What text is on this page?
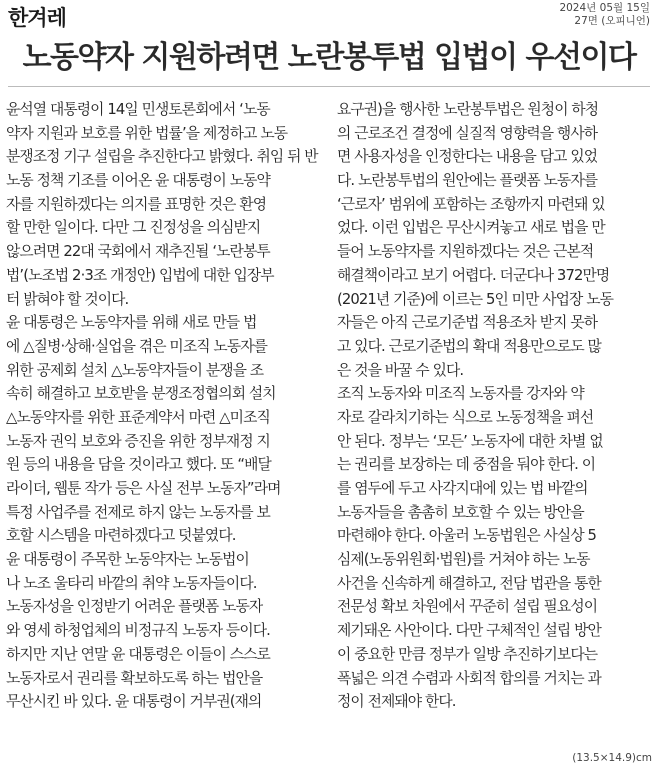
한겨레	2024년 05월 15일
27면 (오피니언)
노동약자 지원하려면 노란봉투법 입법이 우선이다
윤석열 대통령이 14일 민생토론회에서 ‘노동
약자 지원과 보호를 위한 법률’을 제정하고 노동
분쟁조정 기구 설립을 추진한다고 밝혔다. 취임 뒤 반
노동 정책 기조를 이어온 윤 대통령이 노동약
자를 지원하겠다는 의지를 표명한 것은 환영
할 만한 일이다. 다만 그 진정성을 의심받지
않으려면 22대 국회에서 재추진될 ‘노란봉투
법’(노조법 2·3조 개정안) 입법에 대한 입장부
터 밝혀야 할 것이다.
윤 대통령은 노동약자를 위해 새로 만들 법
에 △질병·상해·실업을 겪은 미조직 노동자를
위한 공제회 설치 △노동약자들이 분쟁을 조
속히 해결하고 보호받을 분쟁조정협의회 설치
△노동약자를 위한 표준계약서 마련 △미조직
노동자 권익 보호와 증진을 위한 정부재정 지
원 등의 내용을 담을 것이라고 했다. 또 “배달
라이더, 웹툰 작가 등은 사실 전부 노동자”라며
특정 사업주를 전제로 하지 않는 노동자를 보
호할 시스템을 마련하겠다고 덧붙였다.
윤 대통령이 주목한 노동약자는 노동법이
나 노조 울타리 바깥의 취약 노동자들이다.
노동자성을 인정받기 어려운 플랫폼 노동자
와 영세 하청업체의 비정규직 노동자 등이다.
하지만 지난 연말 윤 대통령은 이들이 스스로
노동자로서 권리를 확보하도록 하는 법안을
무산시킨 바 있다. 윤 대통령이 거부권(재의
요구권)을 행사한 노란봉투법은 원청이 하청
의 근로조건 결정에 실질적 영향력을 행사하
면 사용자성을 인정한다는 내용을 담고 있었
다. 노란봉투법의 원안에는 플랫폼 노동자를
‘근로자’ 범위에 포함하는 조항까지 마련돼 있
었다. 이런 입법은 무산시켜놓고 새로 법을 만
들어 노동약자를 지원하겠다는 것은 근본적
해결책이라고 보기 어렵다. 더군다나 372만명
(2021년 기준)에 이르는 5인 미만 사업장 노동
자들은 아직 근로기준법 적용조차 받지 못하
고 있다. 근로기준법의 확대 적용만으로도 많
은 것을 바꿀 수 있다.
조직 노동자와 미조직 노동자를 강자와 약
자로 갈라치기하는 식으로 노동정책을 펴선
안 된다. 정부는 ‘모든’ 노동자에 대한 차별 없
는 권리를 보장하는 데 중점을 둬야 한다. 이
를 염두에 두고 사각지대에 있는 법 바깥의
노동자들을 촘촘히 보호할 수 있는 방안을
마련해야 한다. 아울러 노동법원은 사실상 5
심제(노동위원회·법원)를 거쳐야 하는 노동
사건을 신속하게 해결하고, 전담 법관을 통한
전문성 확보 차원에서 꾸준히 설립 필요성이
제기돼온 사안이다. 다만 구체적인 설립 방안
이 중요한 만큼 정부가 일방 추진하기보다는
폭넓은 의견 수렴과 사회적 합의를 거치는 과
정이 전제돼야 한다.
(13.5×14.9)cm
